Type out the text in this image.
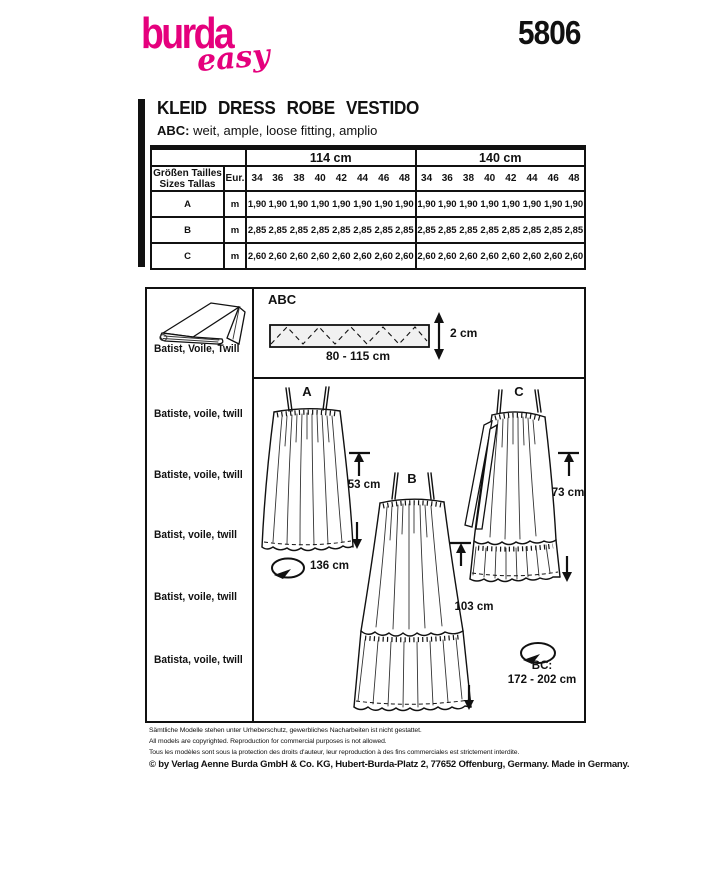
burda
easy
5806
KLEID DRESS ROBE VESTIDO
ABC: weit, ample, loose fitting, amplio
		114 cm								140 cm							
Größen Tailles
Sizes Tallas	Eur.	34	36	38	40	42	44	46	48	34	36	38	40	42	44	46	48
A	m	1,90	1,90	1,90	1,90	1,90	1,90	1,90	1,90	1,90	1,90	1,90	1,90	1,90	1,90	1,90	1,90
B	m	2,85	2,85	2,85	2,85	2,85	2,85	2,85	2,85	2,85	2,85	2,85	2,85	2,85	2,85	2,85	2,85
C	m	2,60	2,60	2,60	2,60	2,60	2,60	2,60	2,60	2,60	2,60	2,60	2,60	2,60	2,60	2,60	2,60
Batist, Voile, Twill
Batiste, voile, twill
Batiste, voile, twill
Batist, voile, twill
Batist, voile, twill
Batista, voile, twill
ABC
2 cm
80 - 115 cm
A
B
C
53 cm
136 cm
103 cm
73 cm
BC:
172 - 202 cm
Sämtliche Modelle stehen unter Urheberschutz, gewerbliches Nacharbeiten ist nicht gestattet.
All models are copyrighted. Reproduction for commercial purposes is not allowed.
Tous les modèles sont sous la protection des droits d'auteur, leur reproduction à des fins commerciales est strictement interdite.
© by Verlag Aenne Burda GmbH & Co. KG, Hubert-Burda-Platz 2, 77652 Offenburg, Germany. Made in Germany.
